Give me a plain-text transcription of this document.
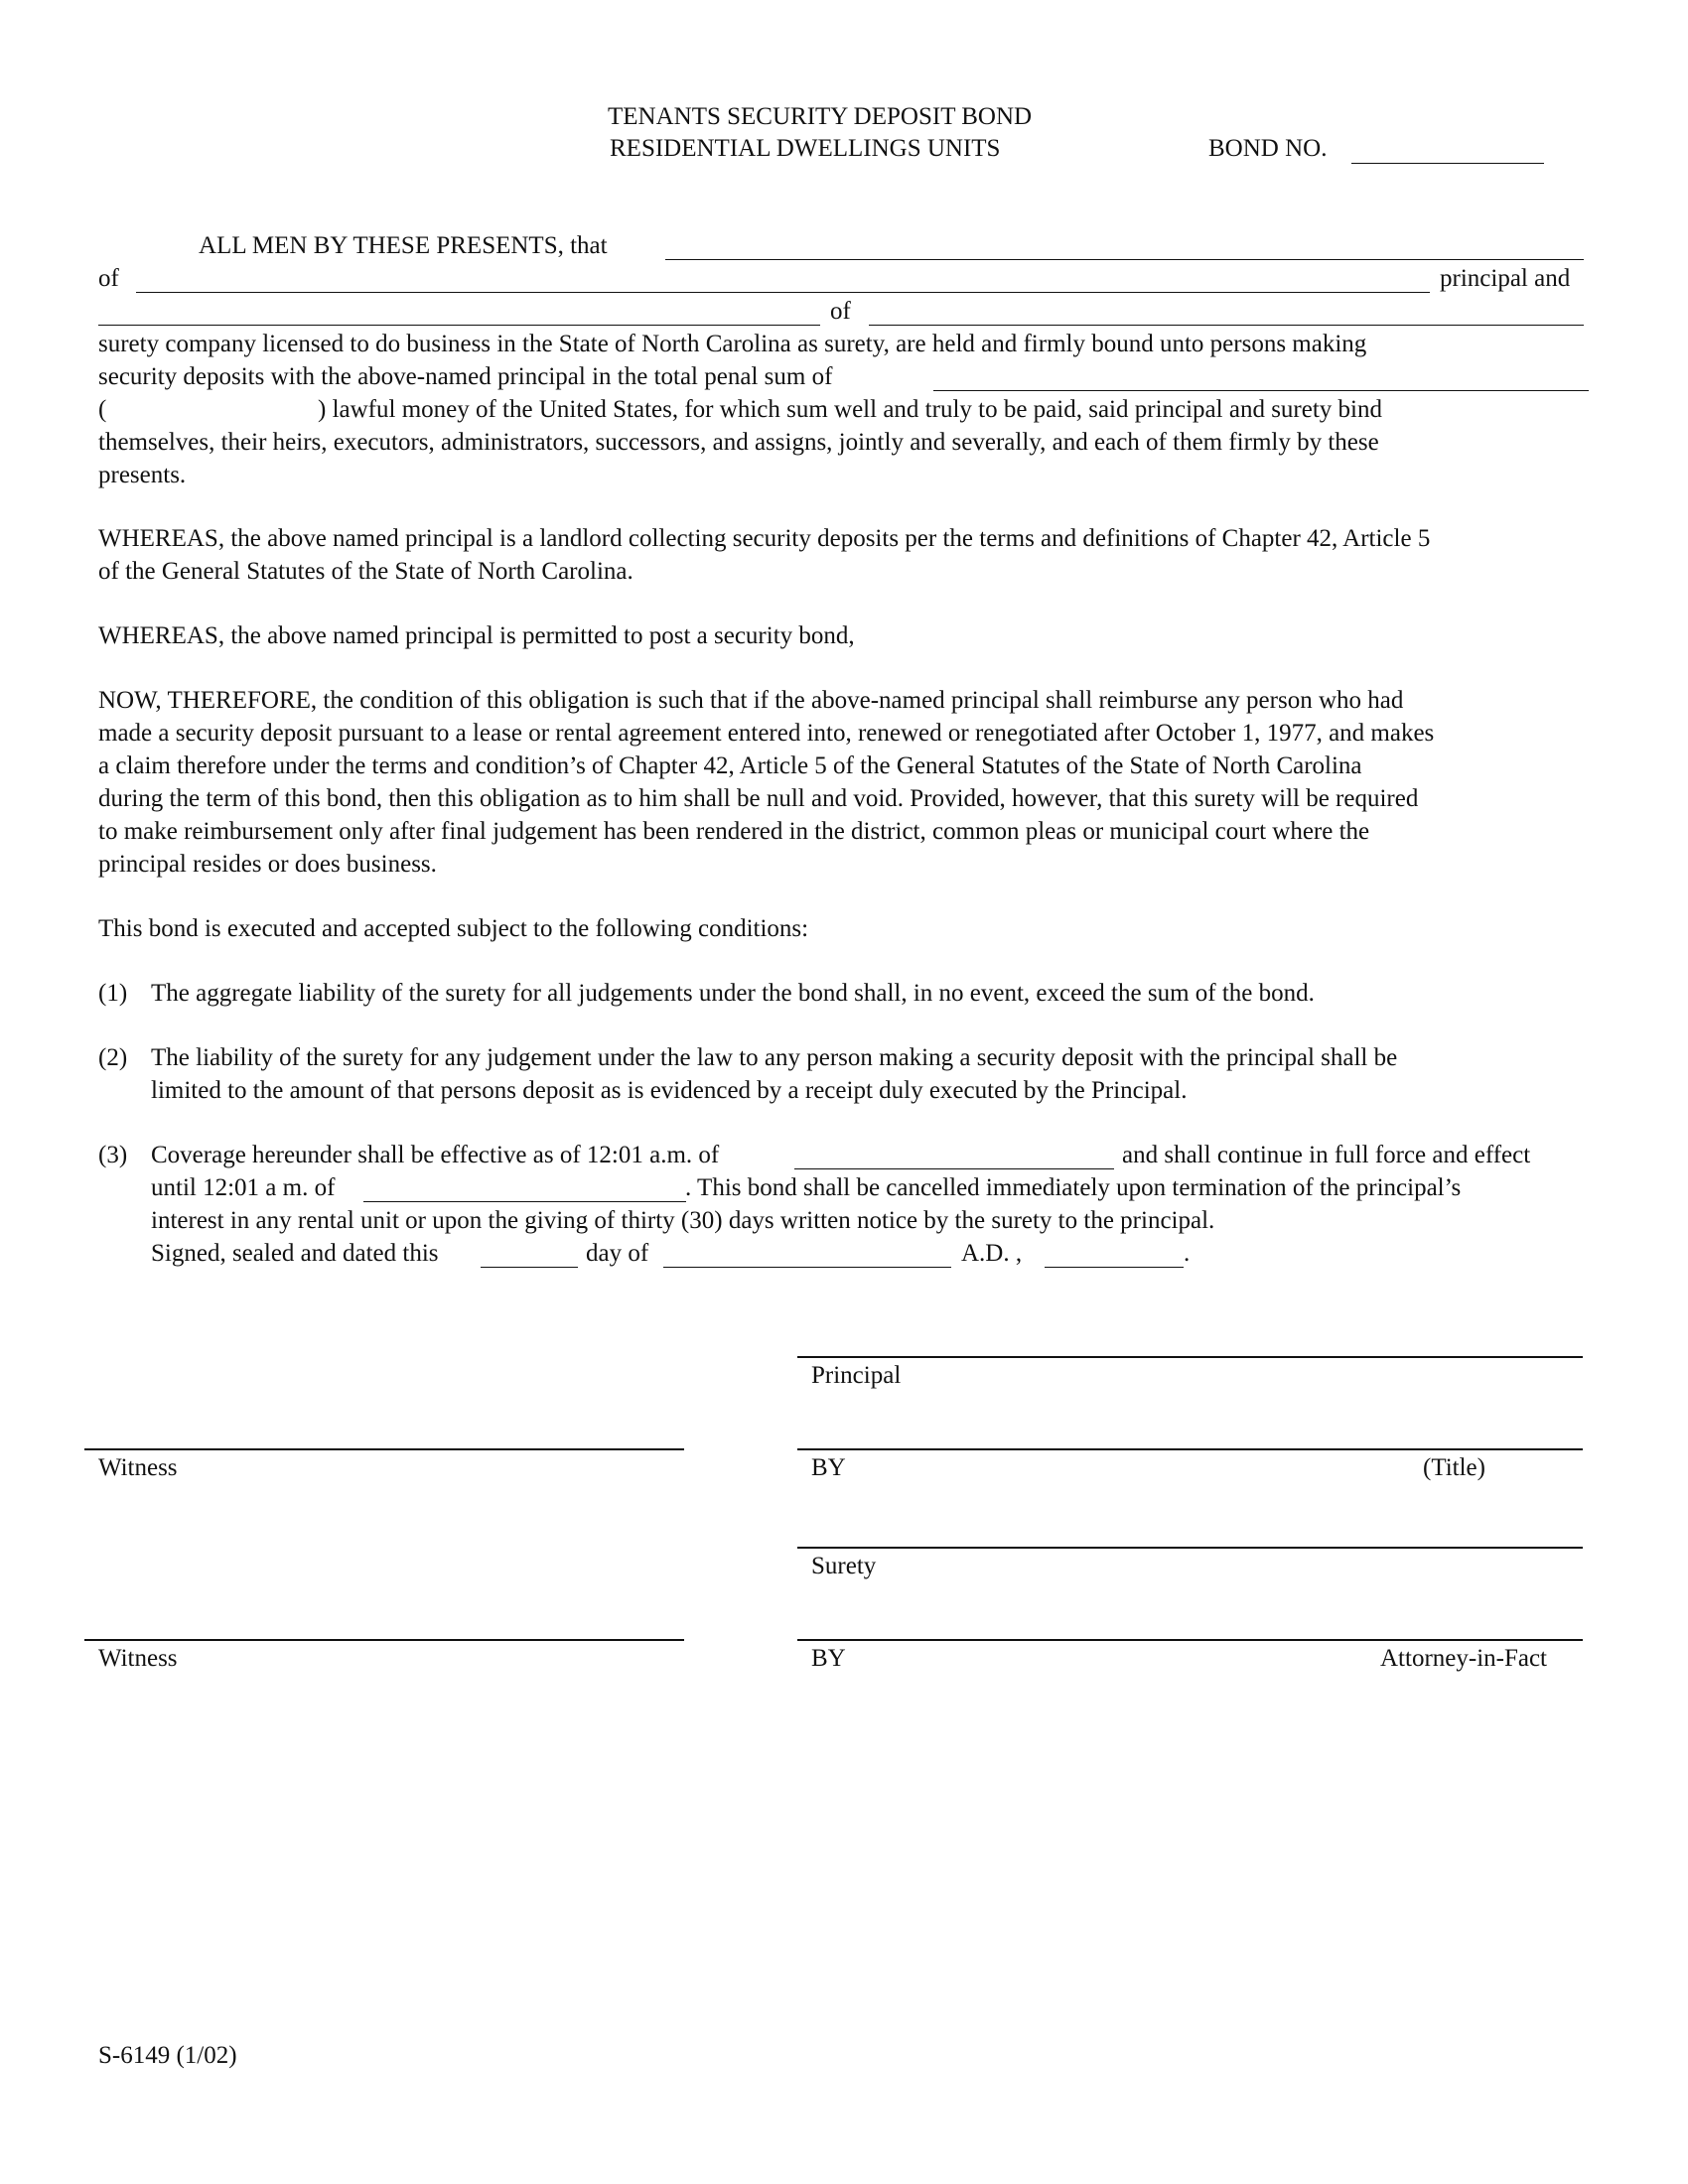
TENANTS SECURITY DEPOSIT BOND
RESIDENTIAL DWELLINGS UNITS	BOND NO.
ALL MEN BY THESE PRESENTS, that
of	principal and
of
surety company licensed to do business in the State of North Carolina as surety, are held and firmly bound unto persons making
security deposits with the above-named principal in the total penal sum of
(	) lawful money of the United States, for which sum well and truly to be paid, said principal and surety bind
themselves, their heirs, executors, administrators, successors, and assigns, jointly and severally, and each of them firmly by these
presents.
WHEREAS, the above named principal is a landlord collecting security deposits per the terms and definitions of Chapter 42, Article 5
of the General Statutes of the State of North Carolina.
WHEREAS, the above named principal is permitted to post a security bond,
NOW, THEREFORE, the condition of this obligation is such that if the above-named principal shall reimburse any person who had
made a security deposit pursuant to a lease or rental agreement entered into, renewed or renegotiated after October 1, 1977, and makes
a claim therefore under the terms and condition’s of Chapter 42, Article 5 of the General Statutes of the State of North Carolina
during the term of this bond, then this obligation as to him shall be null and void. Provided, however, that this surety will be required
to make reimbursement only after final judgement has been rendered in the district, common pleas or municipal court where the
principal resides or does business.
This bond is executed and accepted subject to the following conditions:
(1) The aggregate liability of the surety for all judgements under the bond shall, in no event, exceed the sum of the bond.
(2) The liability of the surety for any judgement under the law to any person making a security deposit with the principal shall be
limited to the amount of that persons deposit as is evidenced by a receipt duly executed by the Principal.
(3) Coverage hereunder shall be effective as of 12:01 a.m. of	and shall continue in full force and effect
until 12:01 a m. of	. This bond shall be cancelled immediately upon termination of the principal’s
interest in any rental unit or upon the giving of thirty (30) days written notice by the surety to the principal.
Signed, sealed and dated this	day of	A.D. ,	.
Principal
Witness	BY	(Title)
Surety
Witness	BY	Attorney-in-Fact
S-6149 (1/02)
